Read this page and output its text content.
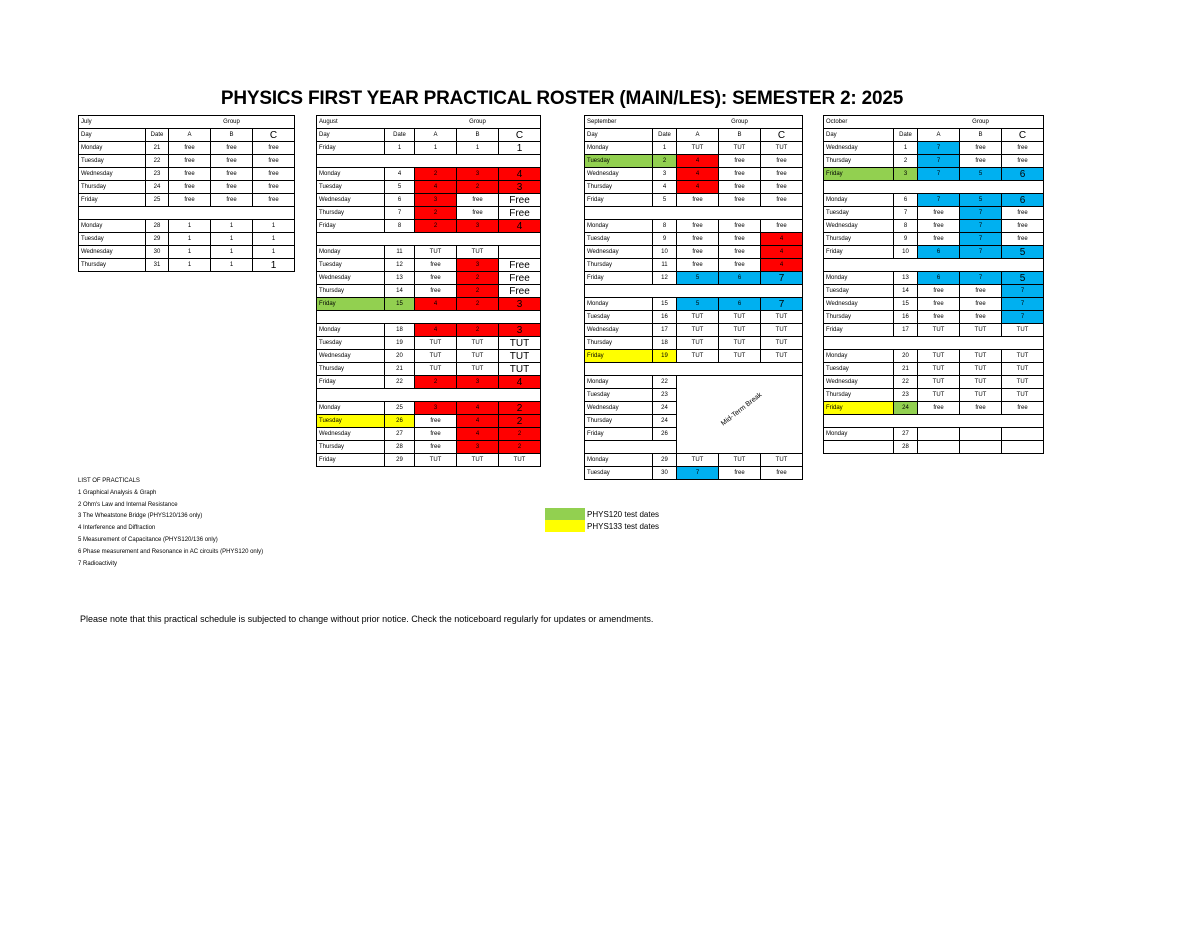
PHYSICS FIRST YEAR PRACTICAL ROSTER (MAIN/LES): SEMESTER 2: 2025
July			Group	
Day	Date	A	B	C
Monday	21	free	free	free
Tuesday	22	free	free	free
Wednesday	23	free	free	free
Thursday	24	free	free	free
Friday	25	free	free	free

Monday	28	1	1	1
Tuesday	29	1	1	1
Wednesday	30	1	1	1
Thursday	31	1	1	1
August			Group	
Day	Date	A	B	C
Friday	1	1	1	1

Monday	4	2	3	4
Tuesday	5	4	2	3
Wednesday	6	3	free	Free
Thursday	7	2	free	Free
Friday	8	2	3	4

Monday	11	TUT	TUT	
Tuesday	12	free	3	Free
Wednesday	13	free	2	Free
Thursday	14	free	2	Free
Friday	15	4	2	3

Monday	18	4	2	3
Tuesday	19	TUT	TUT	TUT
Wednesday	20	TUT	TUT	TUT
Thursday	21	TUT	TUT	TUT
Friday	22	2	3	4

Monday	25	3	4	2
Tuesday	26	free	4	2
Wednesday	27	free	4	2
Thursday	28	free	3	2
Friday	29	TUT	TUT	TUT
September			Group	
Day	Date	A	B	C
Monday	1	TUT	TUT	TUT
Tuesday	2	4	free	free
Wednesday	3	4	free	free
Thursday	4	4	free	free
Friday	5	free	free	free

Monday	8	free	free	free
Tuesday	9	free	free	4
Wednesday	10	free	free	4
Thursday	11	free	free	4
Friday	12	5	6	7

Monday	15	5	6	7
Tuesday	16	TUT	TUT	TUT
Wednesday	17	TUT	TUT	TUT
Thursday	18	TUT	TUT	TUT
Friday	19	TUT	TUT	TUT

Monday	22	Mid-Term Break		

Tuesday	23			
Wednesday	24			
Thursday	24			
Friday	26			

Monday	29	TUT	TUT	TUT
Tuesday	30	7	free	free
October			Group	
Day	Date	A	B	C
Wednesday	1	7	free	free
Thursday	2	7	free	free
Friday	3	7	5	6

Monday	6	7	5	6
Tuesday	7	free	7	free
Wednesday	8	free	7	free
Thursday	9	free	7	free
Friday	10	6	7	5

Monday	13	6	7	5
Tuesday	14	free	free	7
Wednesday	15	free	free	7
Thursday	16	free	free	7
Friday	17	TUT	TUT	TUT

Monday	20	TUT	TUT	TUT
Tuesday	21	TUT	TUT	TUT
Wednesday	22	TUT	TUT	TUT
Thursday	23	TUT	TUT	TUT
Friday	24	free	free	free

Monday	27			
	28			
LIST OF PRACTICALS
1 Graphical Analysis & Graph
2 Ohm's Law and Internal Resistance
3 The Wheatstone Bridge (PHYS120/136 only)
4 Interference and Diffraction
5 Measurement of Capacitance (PHYS120/136 only)
6 Phase measurement and Resonance in AC circuits (PHYS120 only)
7 Radioactivity
PHYS120 test dates
PHYS133 test dates
Please note that this practical schedule is subjected to change without prior notice. Check the noticeboard regularly for updates or amendments.
